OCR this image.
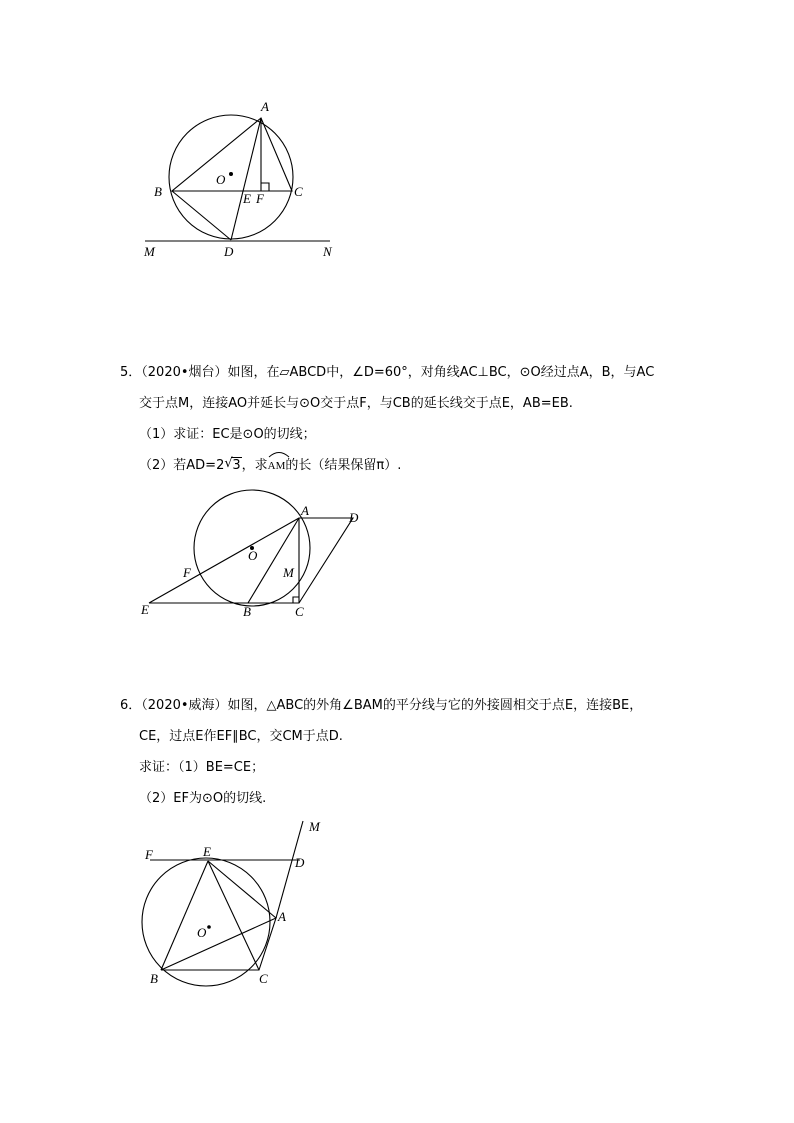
A
B	C
O
E F
M	D	N
5．（2020•烟台）如图，在▱ABCD中，∠D=60°，对角线AC⊥BC，⊙O经过点A，B，与AC
交于点M，连接AO并延长与⊙O交于点F，与CB的延长线交于点E，AB=EB.
（1）求证：EC是⊙O的切线；
（2）若AD=2 √ 3，求
AM的长（结果保留π）.
A	D
O
F	M
E	B	C
6．（2020•威海）如图，△ABC的外角∠BAM的平分线与它的外接圆相交于点E，连接BE，
CE，过点E作EF∥BC，交CM于点D.
求证：（1）BE=CE；
（2）EF为⊙O的切线.
M
F	E
D
A
O
B	C
